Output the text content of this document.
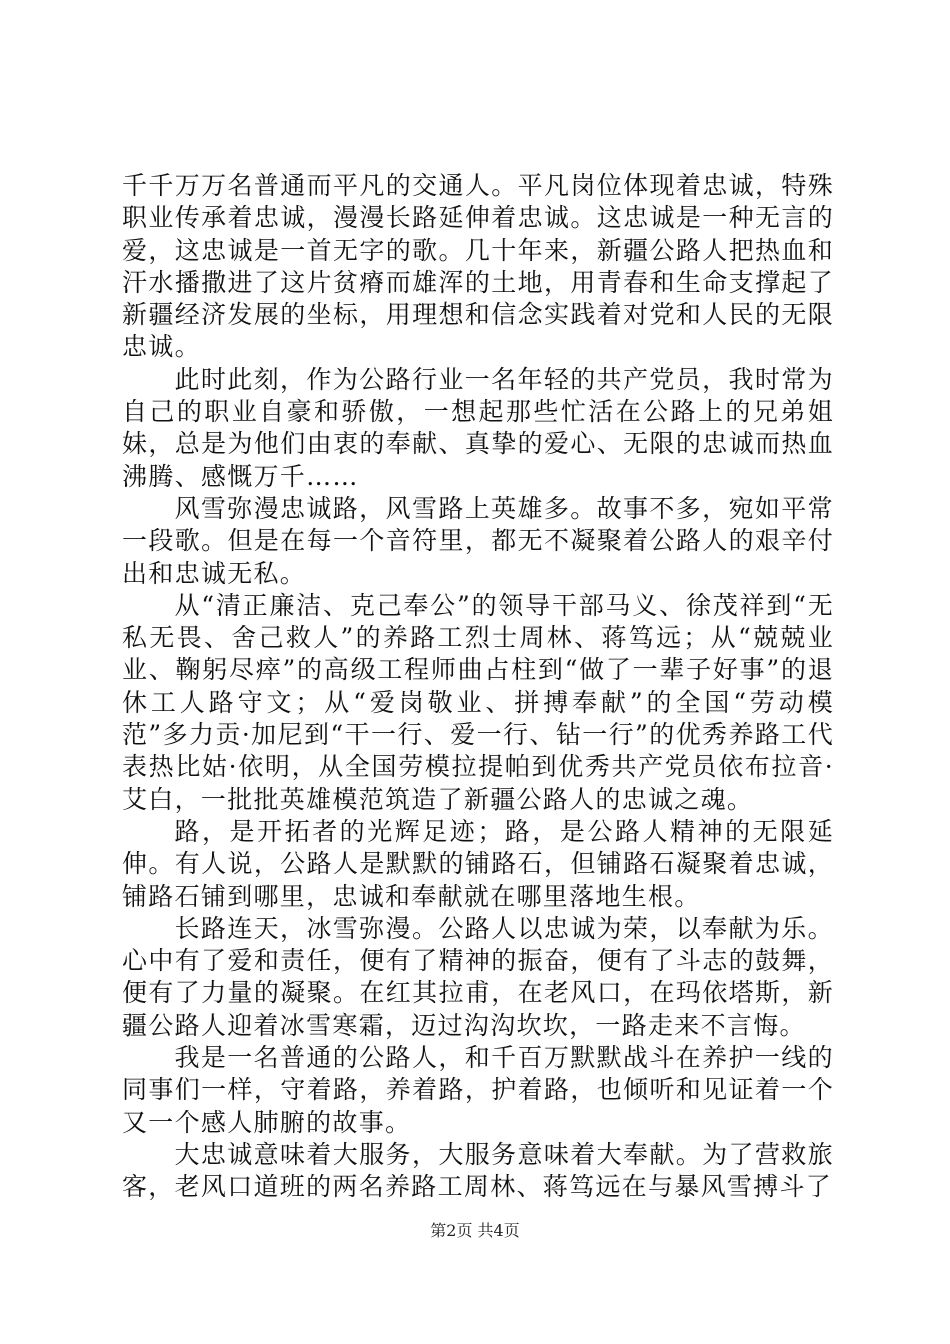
千千万万名普通而平凡的交通人。平凡岗位体现着忠诚，特殊职业传承着忠诚，漫漫长路延伸着忠诚。这忠诚是一种无言的爱，这忠诚是一首无字的歌。几十年来，新疆公路人把热血和汗水播撒进了这片贫瘠而雄浑的土地，用青春和生命支撑起了新疆经济发展的坐标，用理想和信念实践着对党和人民的无限忠诚。

此时此刻，作为公路行业一名年轻的共产党员，我时常为自己的职业自豪和骄傲，一想起那些忙活在公路上的兄弟姐妹，总是为他们由衷的奉献、真挚的爱心、无限的忠诚而热血沸腾、感慨万千……

风雪弥漫忠诚路，风雪路上英雄多。故事不多，宛如平常一段歌。但是在每一个音符里，都无不凝聚着公路人的艰辛付出和忠诚无私。

从“清正廉洁、克己奉公”的领导干部马义、徐茂祥到“无私无畏、舍己救人”的养路工烈士周林、蒋笃远；从“兢兢业业、鞠躬尽瘁”的高级工程师曲占柱到“做了一辈子好事”的退休工人路守文；从“爱岗敬业、拼搏奉献”的全国“劳动模范”多力贡·加尼到“干一行、爱一行、钻一行”的优秀养路工代表热比姑·依明，从全国劳模拉提帕到优秀共产党员依布拉音·艾白，一批批英雄模范筑造了新疆公路人的忠诚之魂。

路，是开拓者的光辉足迹；路，是公路人精神的无限延伸。有人说，公路人是默默的铺路石，但铺路石凝聚着忠诚，铺路石铺到哪里，忠诚和奉献就在哪里落地生根。

长路连天，冰雪弥漫。公路人以忠诚为荣，以奉献为乐。心中有了爱和责任，便有了精神的振奋，便有了斗志的鼓舞，便有了力量的凝聚。在红其拉甫，在老风口，在玛依塔斯，新疆公路人迎着冰雪寒霜，迈过沟沟坎坎，一路走来不言悔。

我是一名普通的公路人，和千百万默默战斗在养护一线的同事们一样，守着路，养着路，护着路，也倾听和见证着一个又一个感人肺腑的故事。

大忠诚意味着大服务，大服务意味着大奉献。为了营救旅客，老风口道班的两名养路工周林、蒋笃远在与暴风雪搏斗了

第2页 共4页
